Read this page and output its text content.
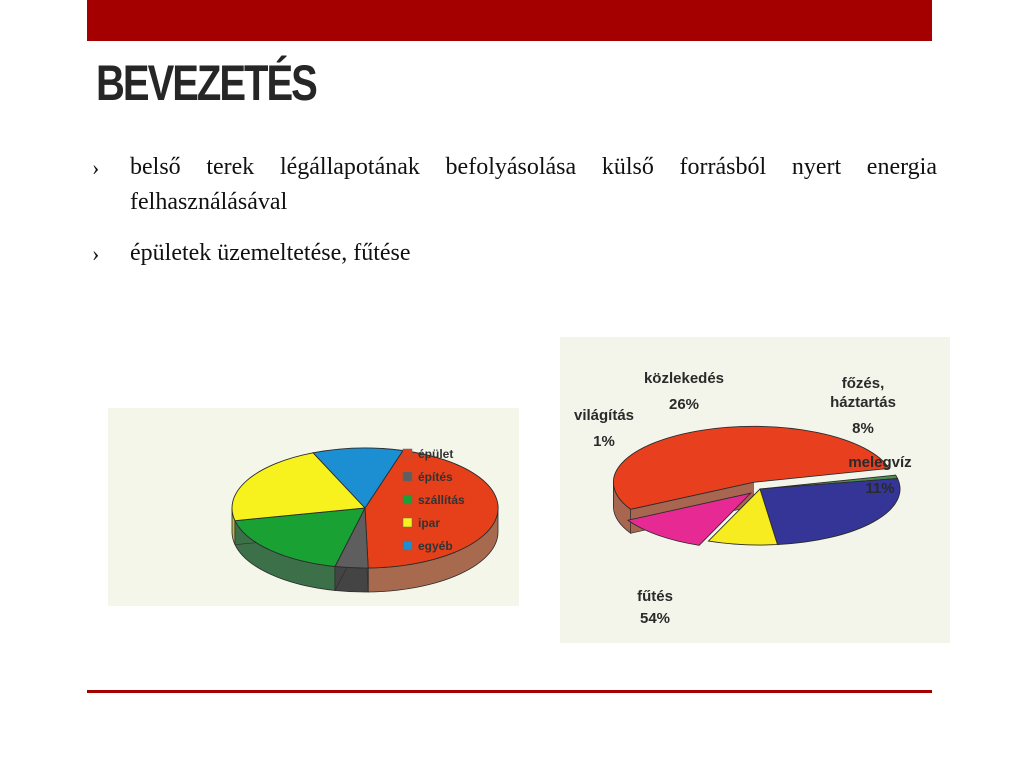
BEVEZETÉS
›	belső terek légállapotának befolyásolása külső forrásból nyert energia felhasználásával
›	épületek üzemeltetése, fűtése
épület
építés
szállítás
ipar
egyéb
fűtés
54%
világítás
1%
közlekedés
26%
főzés,
háztartás
8%
melegvíz
11%
